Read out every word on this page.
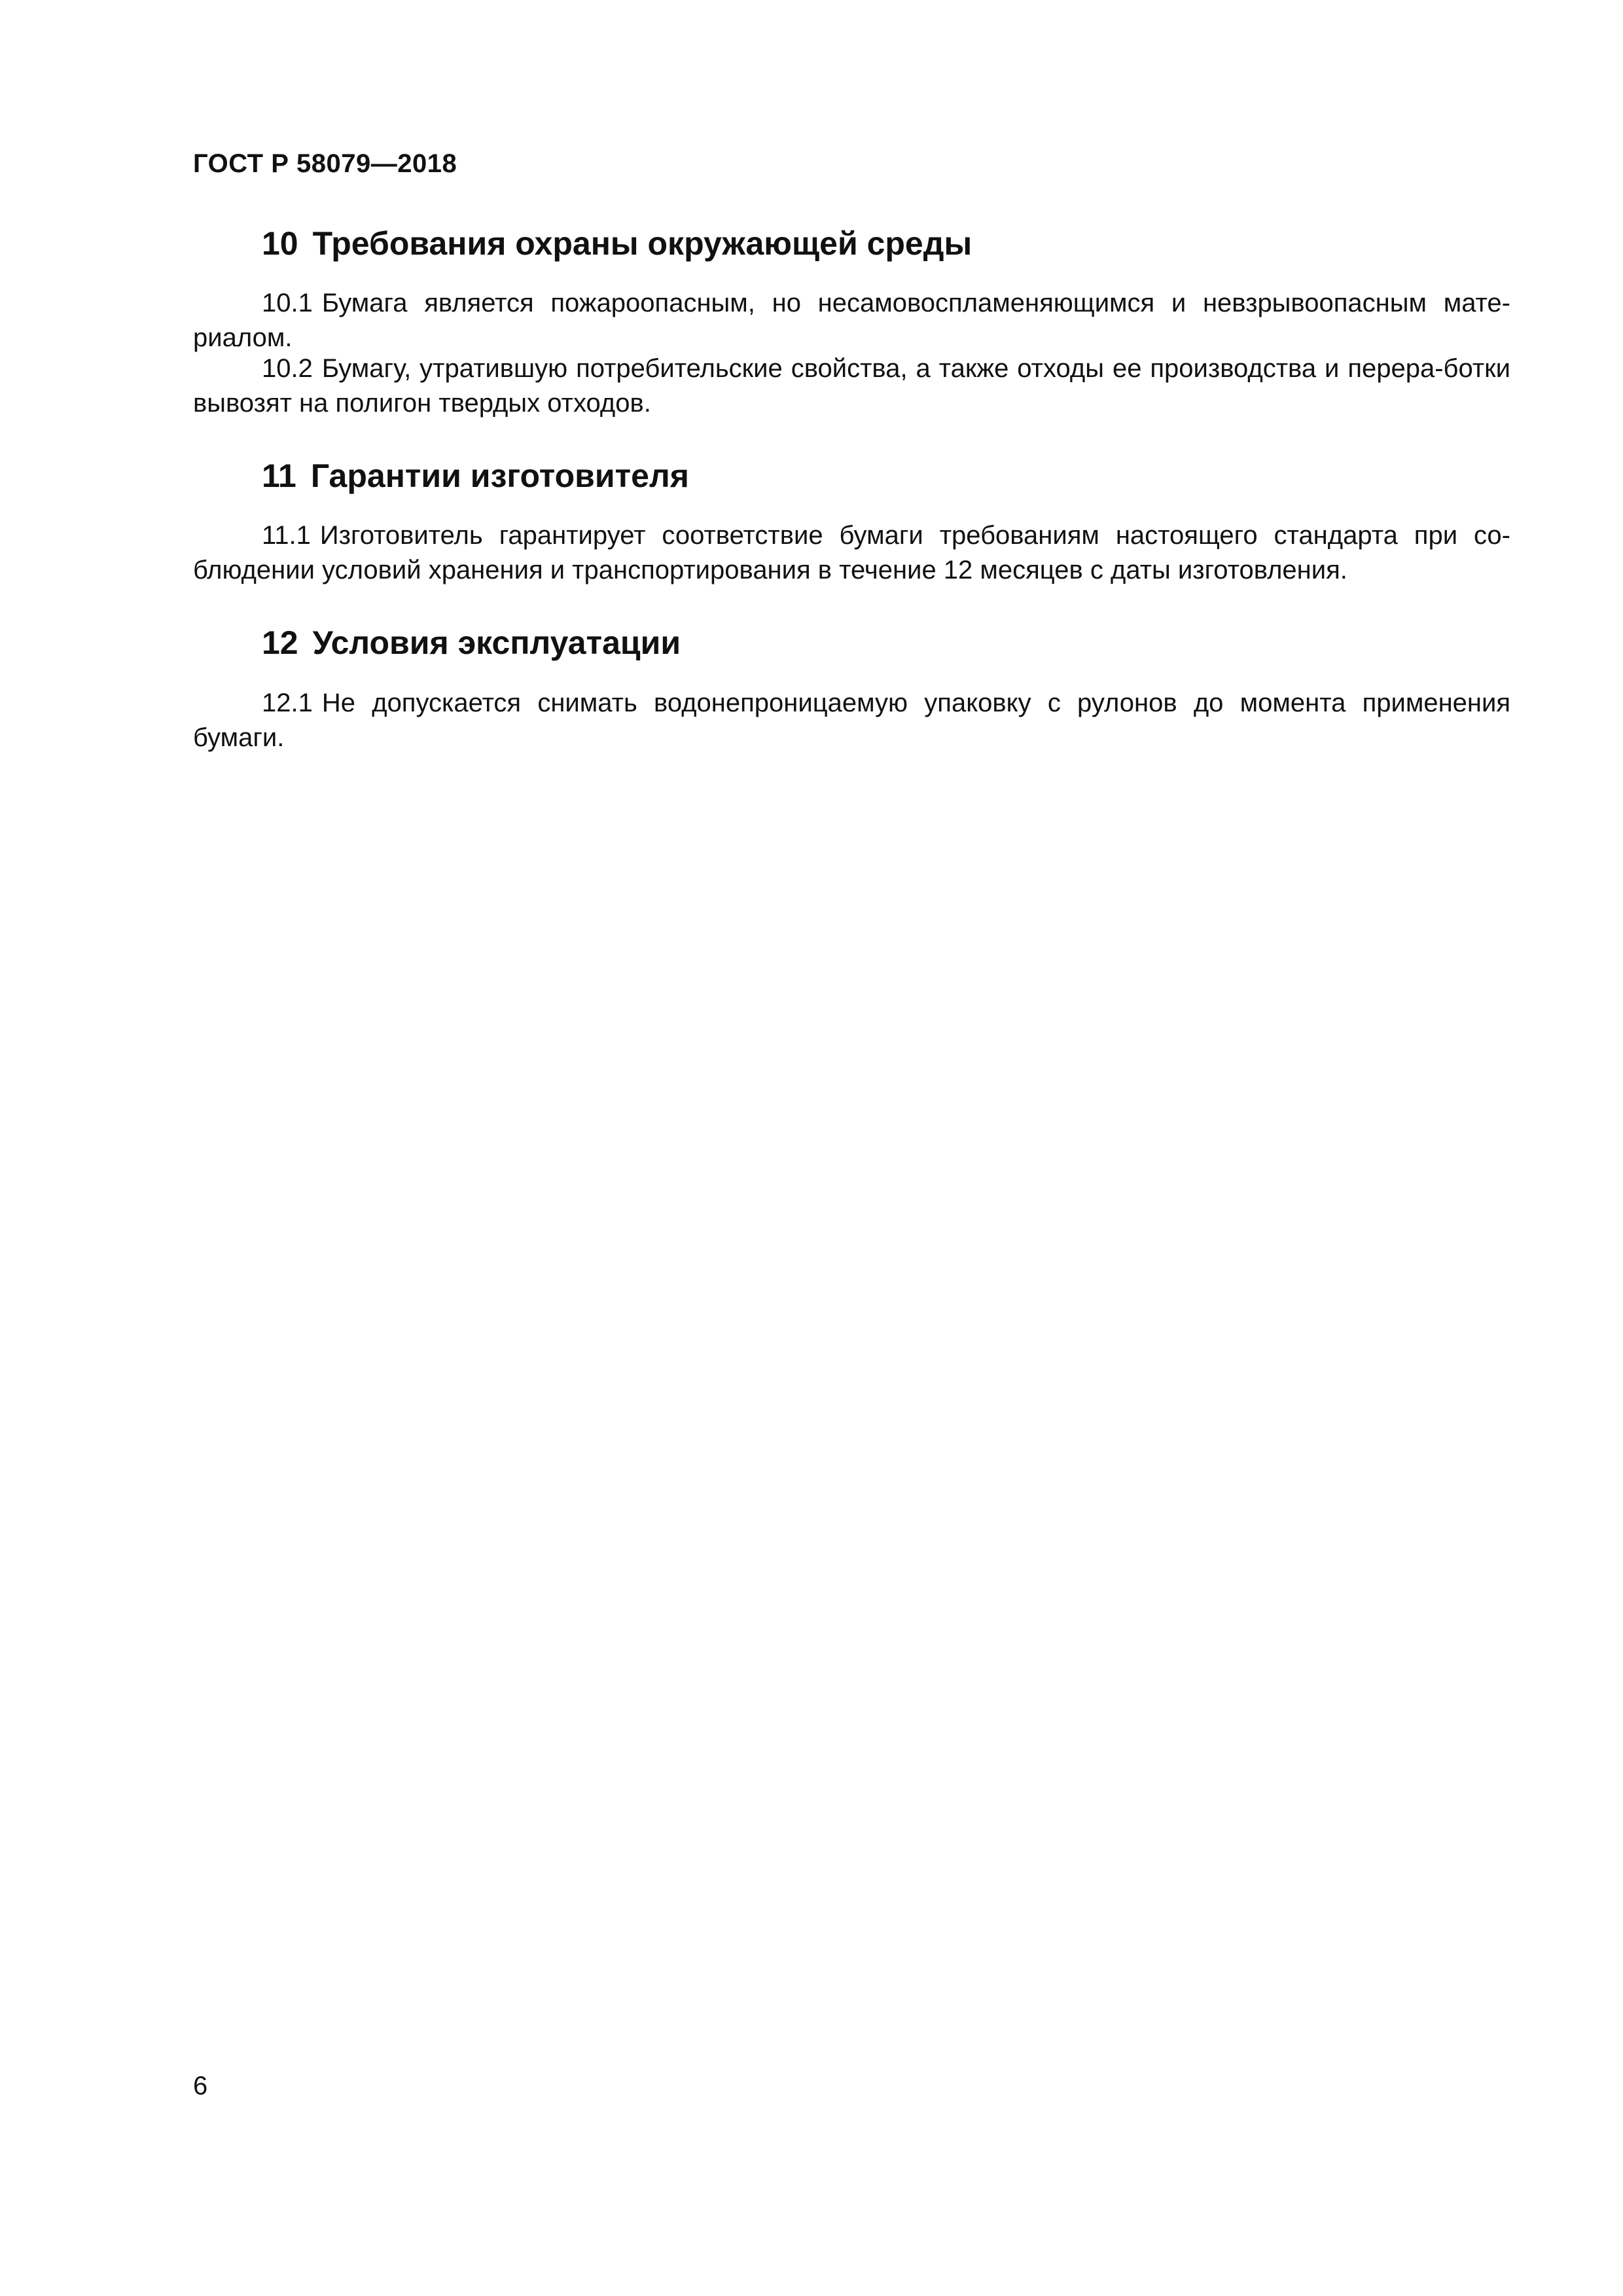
ГОСТ Р 58079—2018
10 Требования охраны окружающей среды

10.1 Бумага является пожароопасным, но несамовоспламеняющимся и невзрывоопасным мате-риалом.

10.2 Бумагу, утратившую потребительские свойства, а также отходы ее производства и перера-ботки вывозят на полигон твердых отходов.

11 Гарантии изготовителя

11.1 Изготовитель гарантирует соответствие бумаги требованиям настоящего стандарта при со-блюдении условий хранения и транспортирования в течение 12 месяцев с даты изготовления.

12 Условия эксплуатации

12.1 Не допускается снимать водонепроницаемую упаковку с рулонов до момента применения бумаги.

6
